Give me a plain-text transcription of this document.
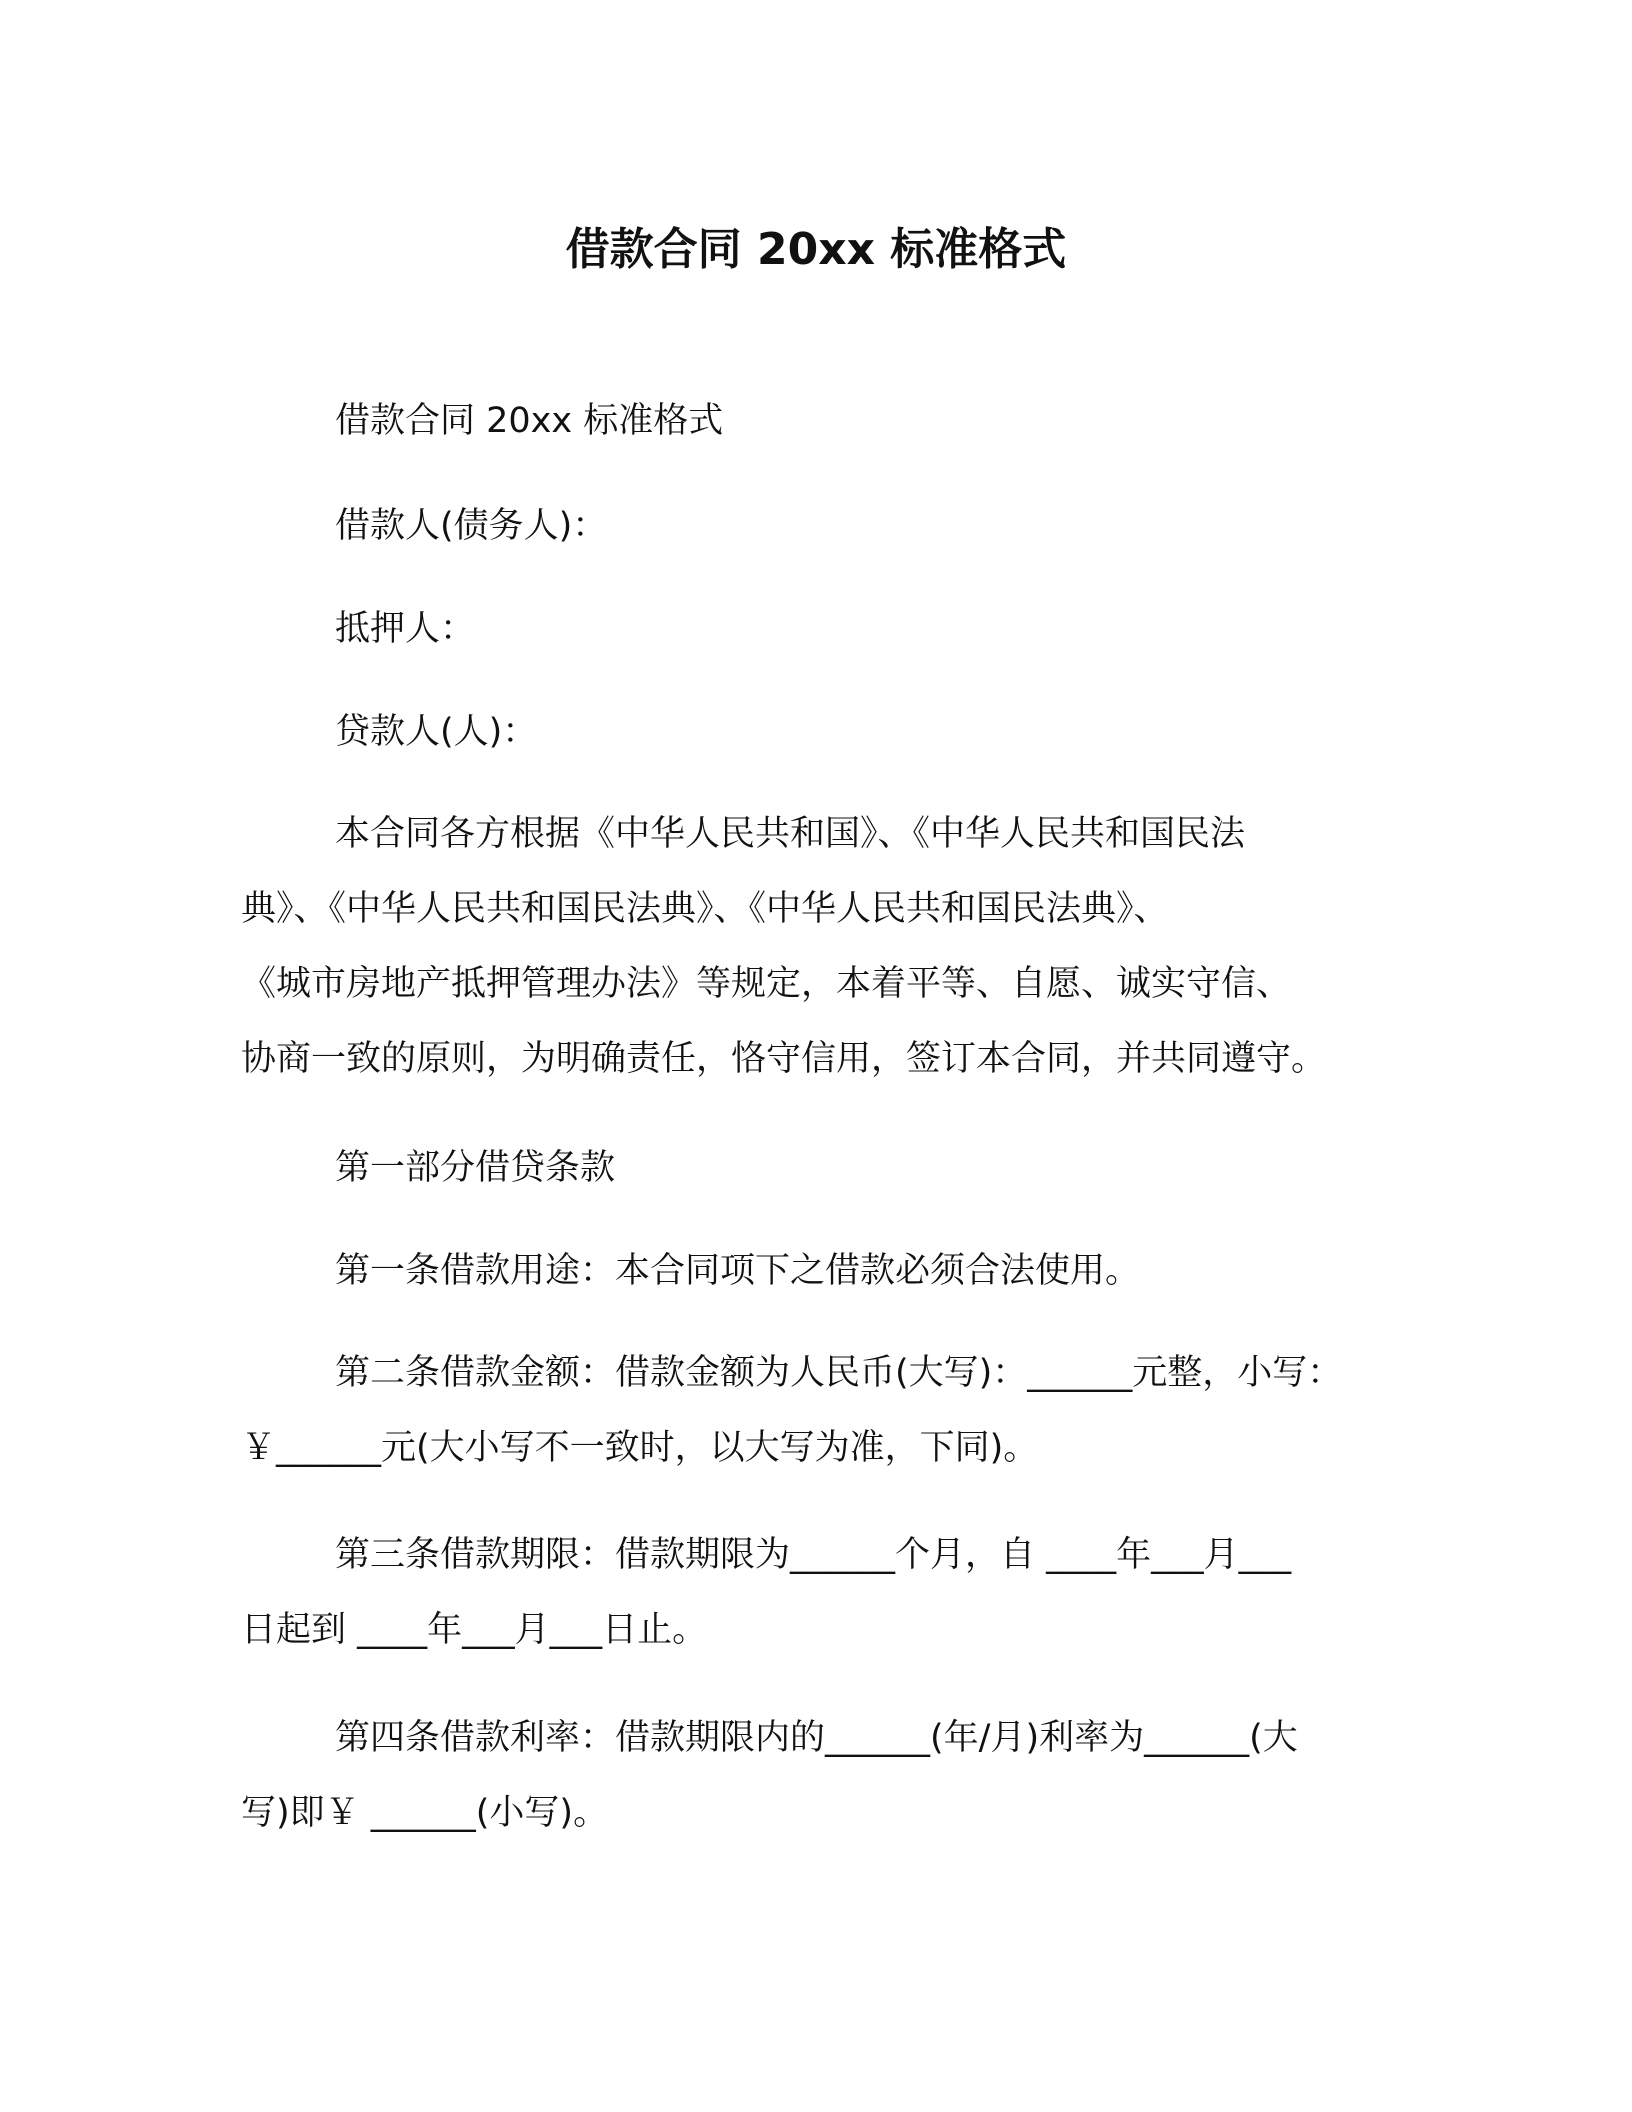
借款合同 20xx 标准格式
借款合同 20xx 标准格式
借款人(债务人)：
抵押人：
贷款人(人)：
本合同各方根据《中华人民共和国》、《中华人民共和国民法
典》、《中华人民共和国民法典》、《中华人民共和国民法典》、
《城市房地产抵押管理办法》等规定，本着平等、自愿、诚实守信、
协商一致的原则，为明确责任，恪守信用，签订本合同，并共同遵守。
第一部分借贷条款
第一条借款用途：本合同项下之借款必须合法使用。
第二条借款金额：借款金额为人民币(大写)：______元整，小写：
￥______元(大小写不一致时，以大写为准，下同)。
第三条借款期限：借款期限为______个月，自 ____年___月___
日起到 ____年___月___日止。
第四条借款利率：借款期限内的______(年/月)利率为______(大
写)即￥ ______(小写)。
